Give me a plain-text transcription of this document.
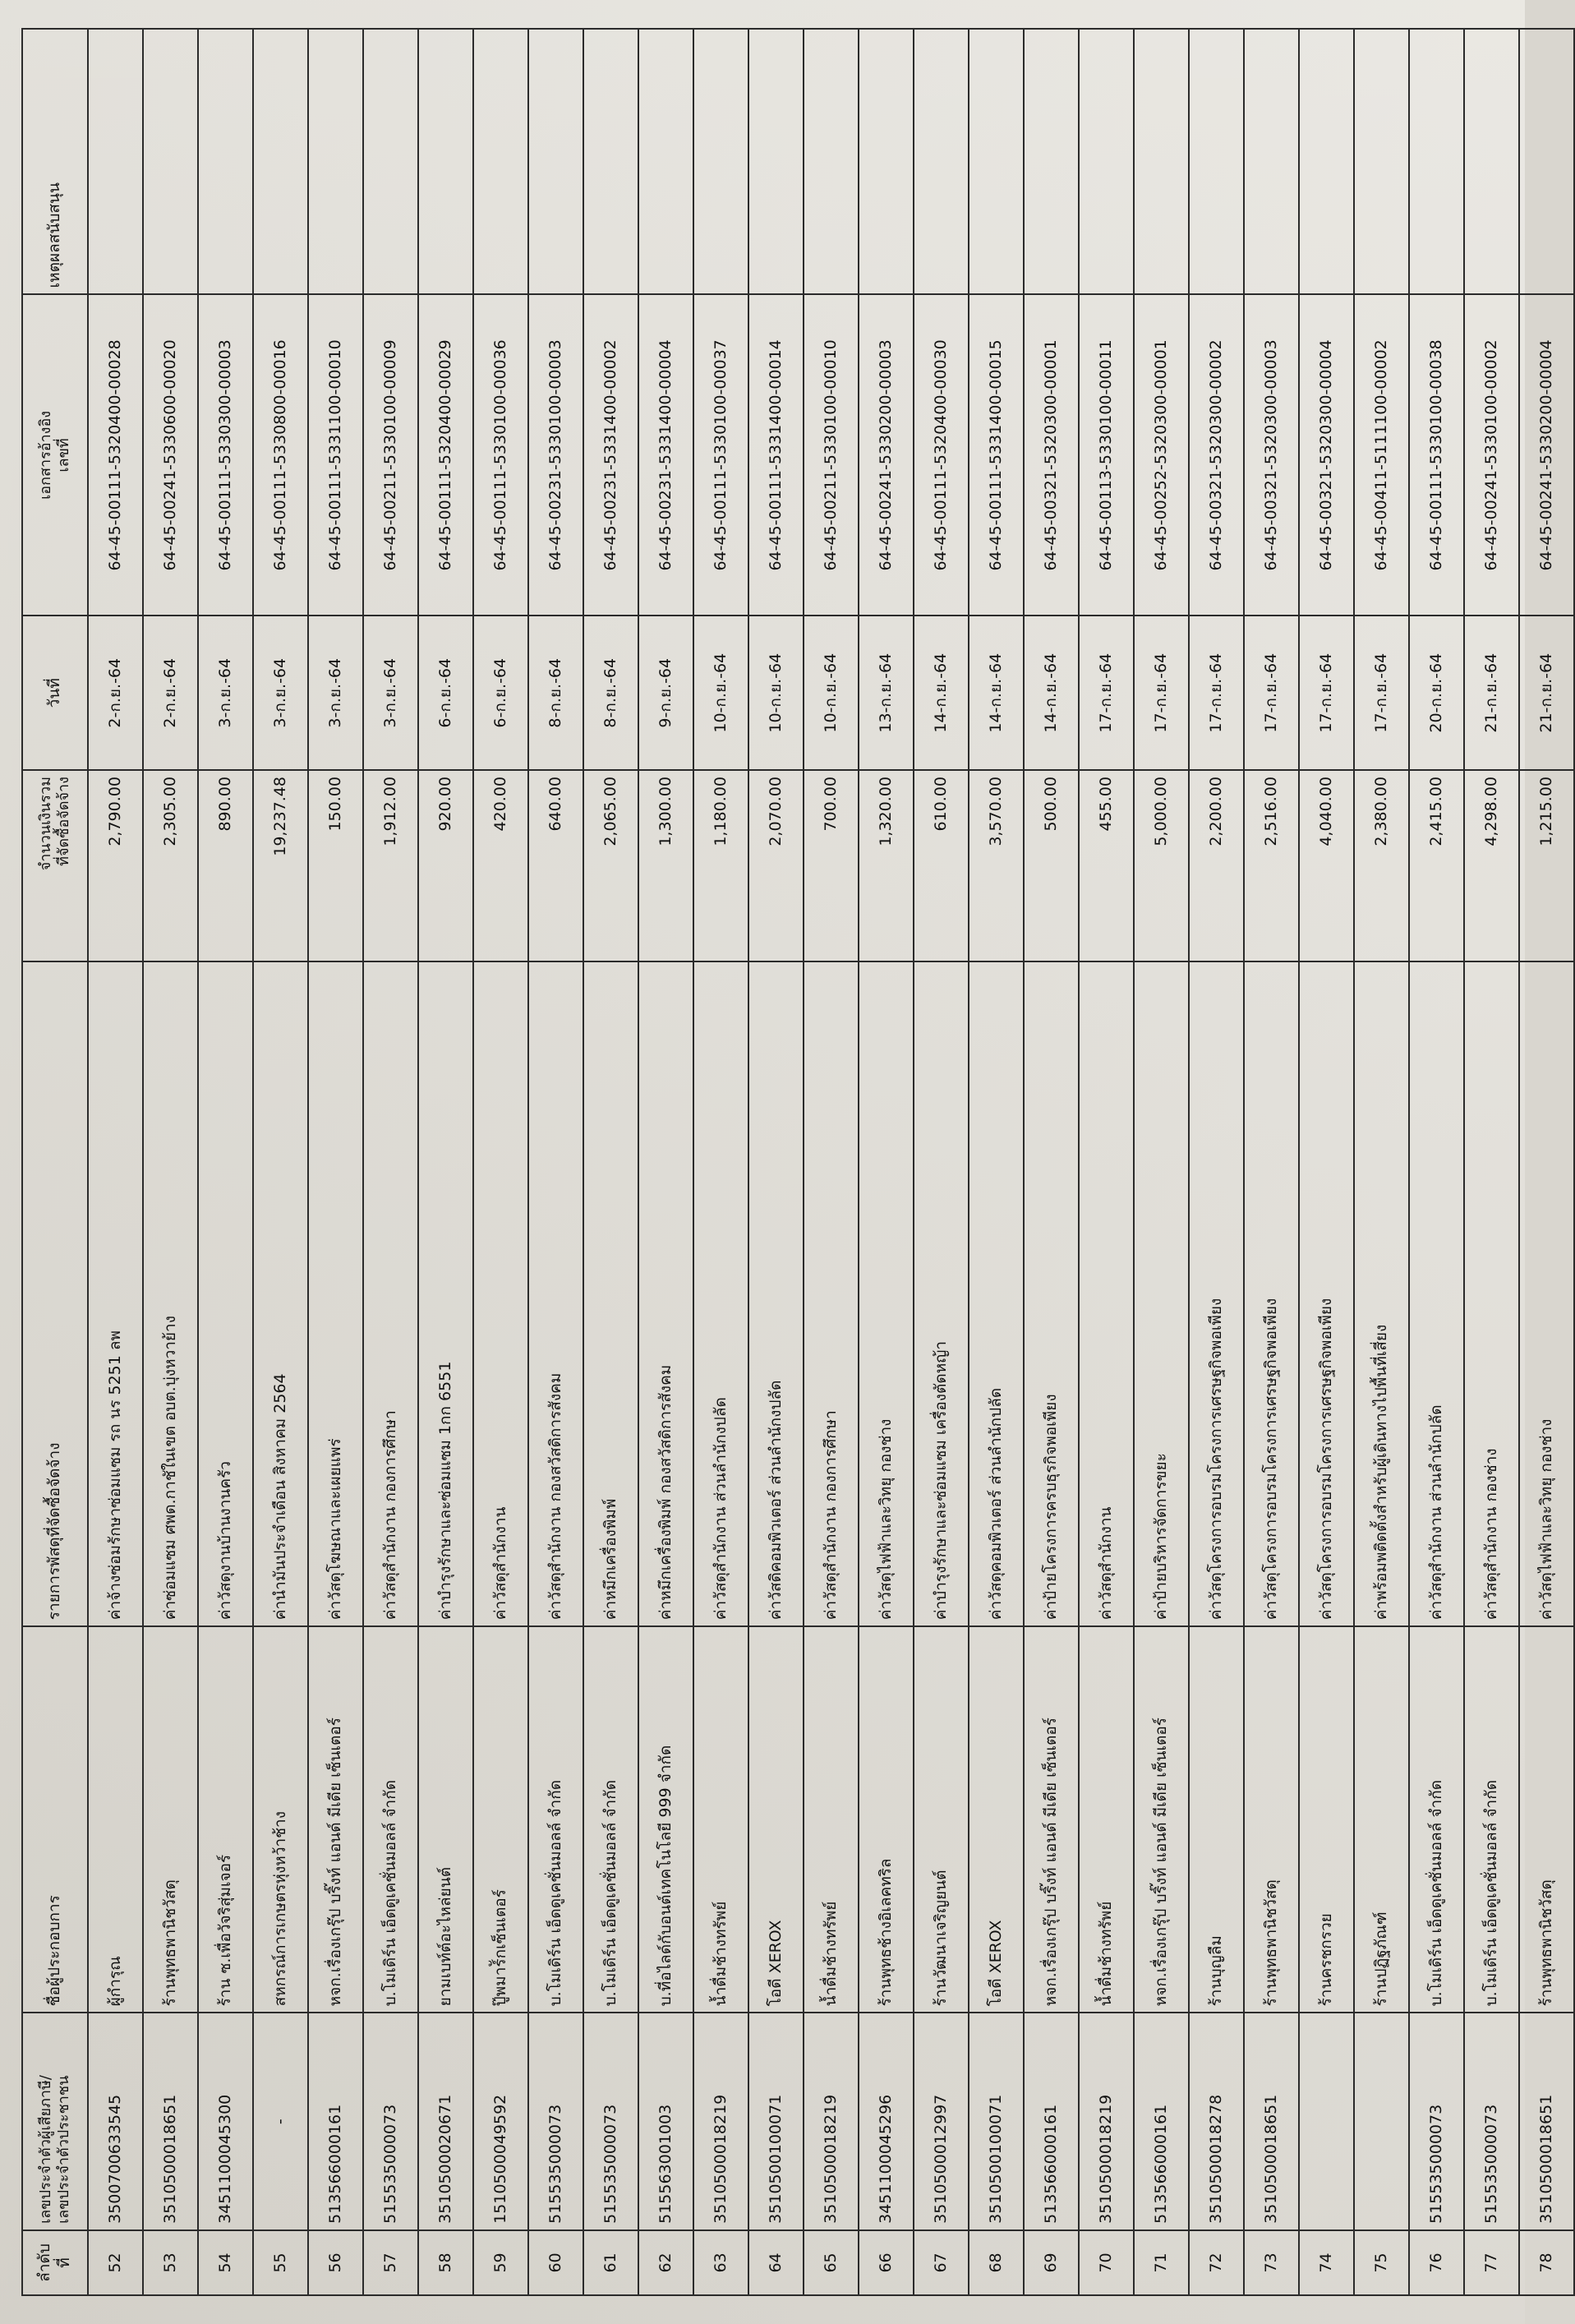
ลำดับ ที่	เลขประจำตัวผู้เสียภาษี/ เลขประจำตัวประชาชน	ชื่อผู้ประกอบการ	รายการพัสดุที่จัดซื้อจัดจ้าง	จำนวนเงินรวม ที่จัดซื้อจัดจ้าง	วันที่	เอกสารอ้างอิง เลขที่	เหตุผลสนับสนุน
52	3500700633545	ผู้กำรุณ	ค่าจ้างซ่อมรักษาซ่อมแซม รถ นร 5251 ลพ	2,790.00	2-ก.ย.-64	64-45-00111-5320400-00028	
53	3510500018651	ร้านพุทธพานิชวัสดุ	ค่าซ่อมแซม ศพด.กาชัในเขต อบต.บุ่งหวาย้าง	2,305.00	2-ก.ย.-64	64-45-00241-5330600-00020	
54	3451100045300	ร้าน ซ.เพื่อวัจริสุ่มเจอร์	ค่าวัสดุงานบ้านงานครัว	890.00	3-ก.ย.-64	64-45-00111-5330300-00003	
55	-	สหกรณ์การเกษตรหุ่งหว้าช้าง	ค่านำมันประจำเดือน สิงหาคม 2564	19,237.48	3-ก.ย.-64	64-45-00111-5330800-00016	
56	513566000161	หจก.เรื่องเกรุ๊ป บริ๊งท์ แอนด์ มีเดีย เซ็นเตอร์	ค่าวัสดุโฆษณาและเผยแพร่	150.00	3-ก.ย.-64	64-45-00111-5331100-00010	
57	515535000073	บ.โมเดิร์น เอ็ดดูเคชั่นมอลล์ จำกัด	ค่าวัสดุสำนักงาน กองการศึกษา	1,912.00	3-ก.ย.-64	64-45-00211-5330100-00009	
58	3510500020671	ยามเบท์ต์อะไหล่ยนต์	ค่าบำรุงรักษาและซ่อมแซม 1กก 6551	920.00	6-ก.ย.-64	64-45-00111-5320400-00029	
59	1510500049592	ปู๊พมาร์ักเซ็นเตอร์	ค่าวัสดุสำนักงาน	420.00	6-ก.ย.-64	64-45-00111-5330100-00036	
60	515535000073	บ.โมเดิร์น เอ็ดดูเคชั่นมอลล์ จำกัด	ค่าวัสดุสำนักงาน กองสวัสดิการสังคม	640.00	8-ก.ย.-64	64-45-00231-5330100-00003	
61	515535000073	บ.โมเดิร์น เอ็ดดูเคชั่นมอลล์ จำกัด	ค่าหมึกเครื่องพิมพ์	2,065.00	8-ก.ย.-64	64-45-00231-5331400-00002	
62	515563001003	บ.ที่อไลด์กับอนต์เทคโนโลยี 999 จำกัด	ค่าหมึกเครื่องพิมพ์ กองสวัสดิการสังคม	1,300.00	9-ก.ย.-64	64-45-00231-5331400-00004	
63	3510500018219	น้ำดื่มช้างทรัพย์	ค่าวัสดุสำนักงาน ส่วนลำนักงปลัด	1,180.00	10-ก.ย.-64	64-45-00111-5330100-00037	
64	3510500100071	โอดี XEROX	ค่าวัสดิคอมพิวเตอร์ ส่วนลำนักงปลัด	2,070.00	10-ก.ย.-64	64-45-00111-5331400-00014	
65	3510500018219	น้ำดื่มช้างทรัพย์	ค่าวัสดุสำนักงาน กองการศึกษา	700.00	10-ก.ย.-64	64-45-00211-5330100-00010	
66	3451100045296	ร้านพุทธช้างอิเลคทริล	ค่าวัสดุไฟฟ้าและวิทยุ กองช่าง	1,320.00	13-ก.ย.-64	64-45-00241-5330200-00003	
67	3510500012997	ร้านวัฒนาเจริญยนต์	ค่าบำรุงรักษาและซ่อมแซม เครื่องตัดหญ้า	610.00	14-ก.ย.-64	64-45-00111-5320400-00030	
68	3510500100071	โอดี XEROX	ค่าวัสดุคอมพิวเตอร์ ส่วนลำนักปลัด	3,570.00	14-ก.ย.-64	64-45-00111-5331400-00015	
69	513566000161	หจก.เรื่องเกรุ๊ป บริ๊งท์ แอนด์ มีเดีย เซ็นเตอร์	ค่าป้ายโครงการครบธุรกิจพอเพียง	500.00	14-ก.ย.-64	64-45-00321-5320300-00001	
70	3510500018219	น้ำดื่มช้างทรัพย์	ค่าวัสดุสำนักงาน	455.00	17-ก.ย.-64	64-45-00113-5330100-00011	
71	513566000161	หจก.เรื่องเกรุ๊ป บริ๊งท์ แอนด์ มีเดีย เซ็นเตอร์	ค่าป้ายบริหารจัดการขยะ	5,000.00	17-ก.ย.-64	64-45-00252-5320300-00001	
72	3510500018278	ร้านบุญลืม	ค่าวัสดุโครงการอบรมโครงการเศรษฐกิจพอเพียง	2,200.00	17-ก.ย.-64	64-45-00321-5320300-00002	
73	3510500018651	ร้านพุทธพานิชวัสดุ	ค่าวัสดุโครงการอบรมโครงการเศรษฐกิจพอเพียง	2,516.00	17-ก.ย.-64	64-45-00321-5320300-00003	
74		ร้านครชกรวย	ค่าวัสดุโครงการอบรมโครงการเศรษฐกิจพอเพียง	4,040.00	17-ก.ย.-64	64-45-00321-5320300-00004	
75		ร้านปฏิฐภัณฑ์	ค่าพร้อมพติดตั้งสำหรับผู้เดินทางไปพื้นที่เสี่ยง	2,380.00	17-ก.ย.-64	64-45-00411-5111100-00002	
76	515535000073	บ.โมเดิร์น เอ็ดดูเคชั่นมอลล์ จำกัด	ค่าวัสดุสำนักงาน ส่วนลำนักปลัด	2,415.00	20-ก.ย.-64	64-45-00111-5330100-00038	
77	515535000073	บ.โมเดิร์น เอ็ดดูเคชั่นมอลล์ จำกัด	ค่าวัสดุสำนักงาน กองช่าง	4,298.00	21-ก.ย.-64	64-45-00241-5330100-00002	
78	3510500018651	ร้านพุทธพานิชวัสดุ	ค่าวัสดุไฟฟ้าและวิทยุ กองช่าง	1,215.00	21-ก.ย.-64	64-45-00241-5330200-00004	
